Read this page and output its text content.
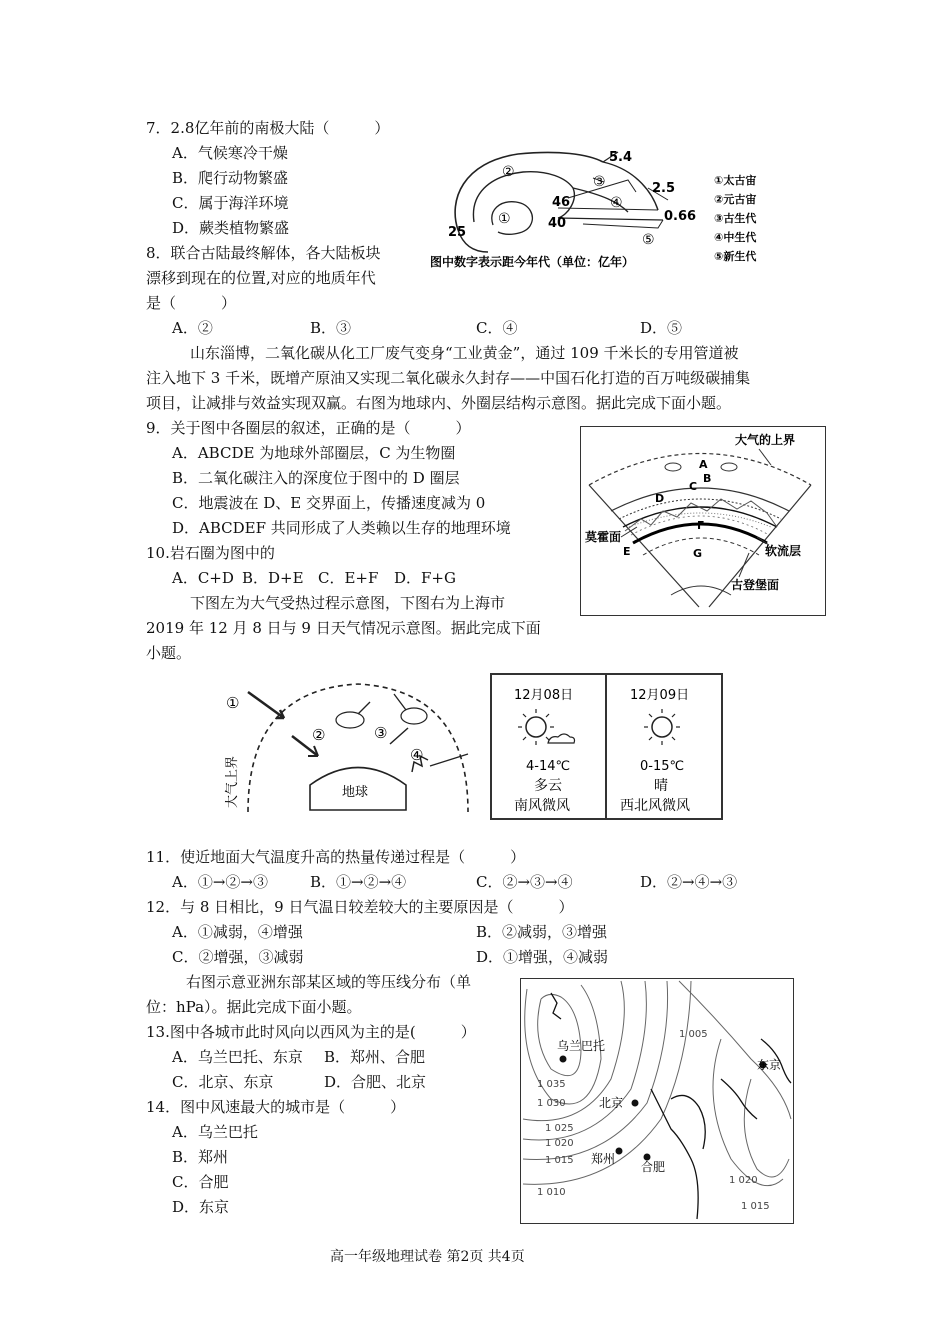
7．2.8亿年前的南极大陆（　　　）
A．气候寒冷干燥
B．爬行动物繁盛
C．属于海洋环境
D．蕨类植物繁盛
8．联合古陆最终解体，各大陆板块
漂移到现在的位置,对应的地质年代
是（　　　）
A．②	B．③	C．④	D．⑤
5.4
2.5
0.66
46
40
25
①
②
③
④
⑤
①太古宙
②元古宙
③古生代
④中生代
⑤新生代
图中数字表示距今年代（单位：亿年）
山东淄博，二氧化碳从化工厂废气变身“工业黄金”，通过 109 千米长的专用管道被
注入地下 3 千米，既增产原油又实现二氧化碳永久封存——中国石化打造的百万吨级碳捕集
项目，让减排与效益实现双赢。右图为地球内、外圈层结构示意图。据此完成下面小题。
9．关于图中各圈层的叙述，正确的是（　　　）
A．ABCDE 为地球外部圈层，C 为生物圈
B．二氧化碳注入的深度位于图中的 D 圈层
C．地震波在 D、E 交界面上，传播速度减为 0
D．ABCDEF 共同形成了人类赖以生存的地理环境
10.岩石圈为图中的
A．C+D B．D+E C．E+F D．F+G
大气的上界
A
B
C
D
E
F
G
莫霍面
软流层
古登堡面
下图左为大气受热过程示意图，下图右为上海市
2019 年 12 月 8 日与 9 日天气情况示意图。据此完成下面
小题。
地球
①
②	③
④
大气上界
12月08日
4-14℃
多云
南风微风
12月09日
0-15℃
晴
西北风微风
11．使近地面大气温度升高的热量传递过程是（　　　）
A．①→②→③	B．①→②→④	C．②→③→④	D．②→④→③
12．与 8 日相比，9 日气温日较差较大的主要原因是（　　　）
A．①减弱，④增强	B．②减弱，③增强
C．②增强，③减弱	D．①增强，④减弱
右图示意亚洲东部某区域的等压线分布（单
位：hPa）。据此完成下面小题。
13.图中各城市此时风向以西风为主的是(　　　）
A．乌兰巴托、东京 B．郑州、合肥
C．北京、东京	D．合肥、北京
14．图中风速最大的城市是（　　　）
A．乌兰巴托
B．郑州
C．合肥
D．东京
乌兰巴托
北京
郑州
合肥
东京
1 005
1 035
1 030
1 025
1 020
1 015
1 010
1 020
1 015
高一年级地理试卷 第2页 共4页
